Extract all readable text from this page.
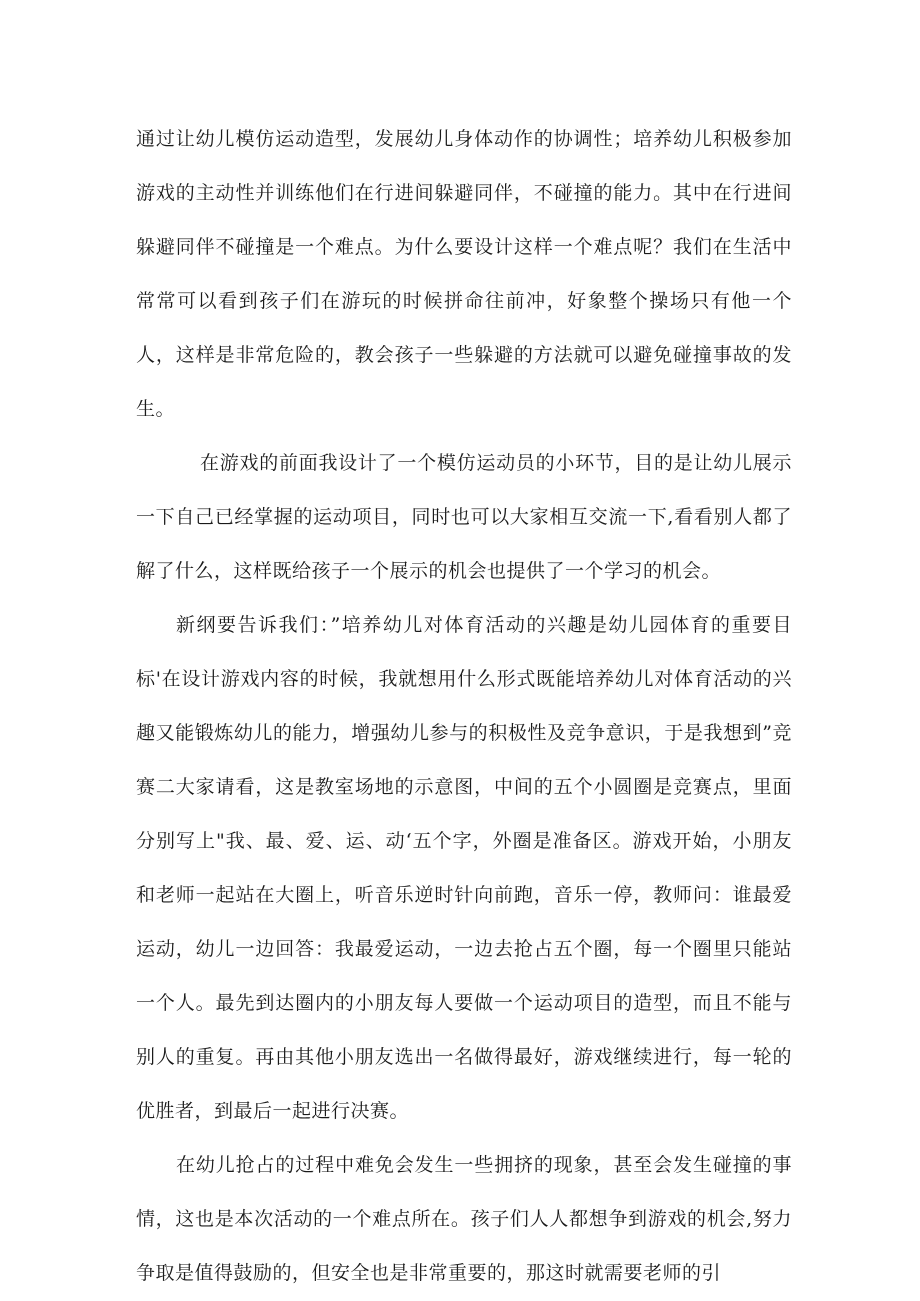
通过让幼儿模仿运动造型，发展幼儿身体动作的协调性；培养幼儿积极参加游戏的主动性并训练他们在行进间躲避同伴，不碰撞的能力。其中在行进间躲避同伴不碰撞是一个难点。为什么要设计这样一个难点呢？我们在生活中常常可以看到孩子们在游玩的时候拼命往前冲，好象整个操场只有他一个人，这样是非常危险的，教会孩子一些躲避的方法就可以避免碰撞事故的发生。

在游戏的前面我设计了一个模仿运动员的小环节，目的是让幼儿展示一下自己已经掌握的运动项目，同时也可以大家相互交流一下,看看别人都了解了什么，这样既给孩子一个展示的机会也提供了一个学习的机会。

新纲要告诉我们：”培养幼儿对体育活动的兴趣是幼儿园体育的重要目标'在设计游戏内容的时候，我就想用什么形式既能培养幼儿对体育活动的兴趣又能锻炼幼儿的能力，增强幼儿参与的积极性及竞争意识，于是我想到”竞赛二大家请看，这是教室场地的示意图，中间的五个小圆圈是竞赛点，里面分别写上"我、最、爱、运、动‘五个字，外圈是准备区。游戏开始，小朋友和老师一起站在大圈上，听音乐逆时针向前跑，音乐一停，教师问：谁最爱运动，幼儿一边回答：我最爱运动，一边去抢占五个圈，每一个圈里只能站一个人。最先到达圈内的小朋友每人要做一个运动项目的造型，而且不能与别人的重复。再由其他小朋友选出一名做得最好，游戏继续进行，每一轮的优胜者，到最后一起进行决赛。

在幼儿抢占的过程中难免会发生一些拥挤的现象，甚至会发生碰撞的事情，这也是本次活动的一个难点所在。孩子们人人都想争到游戏的机会,努力争取是值得鼓励的，但安全也是非常重要的，那这时就需要老师的引
